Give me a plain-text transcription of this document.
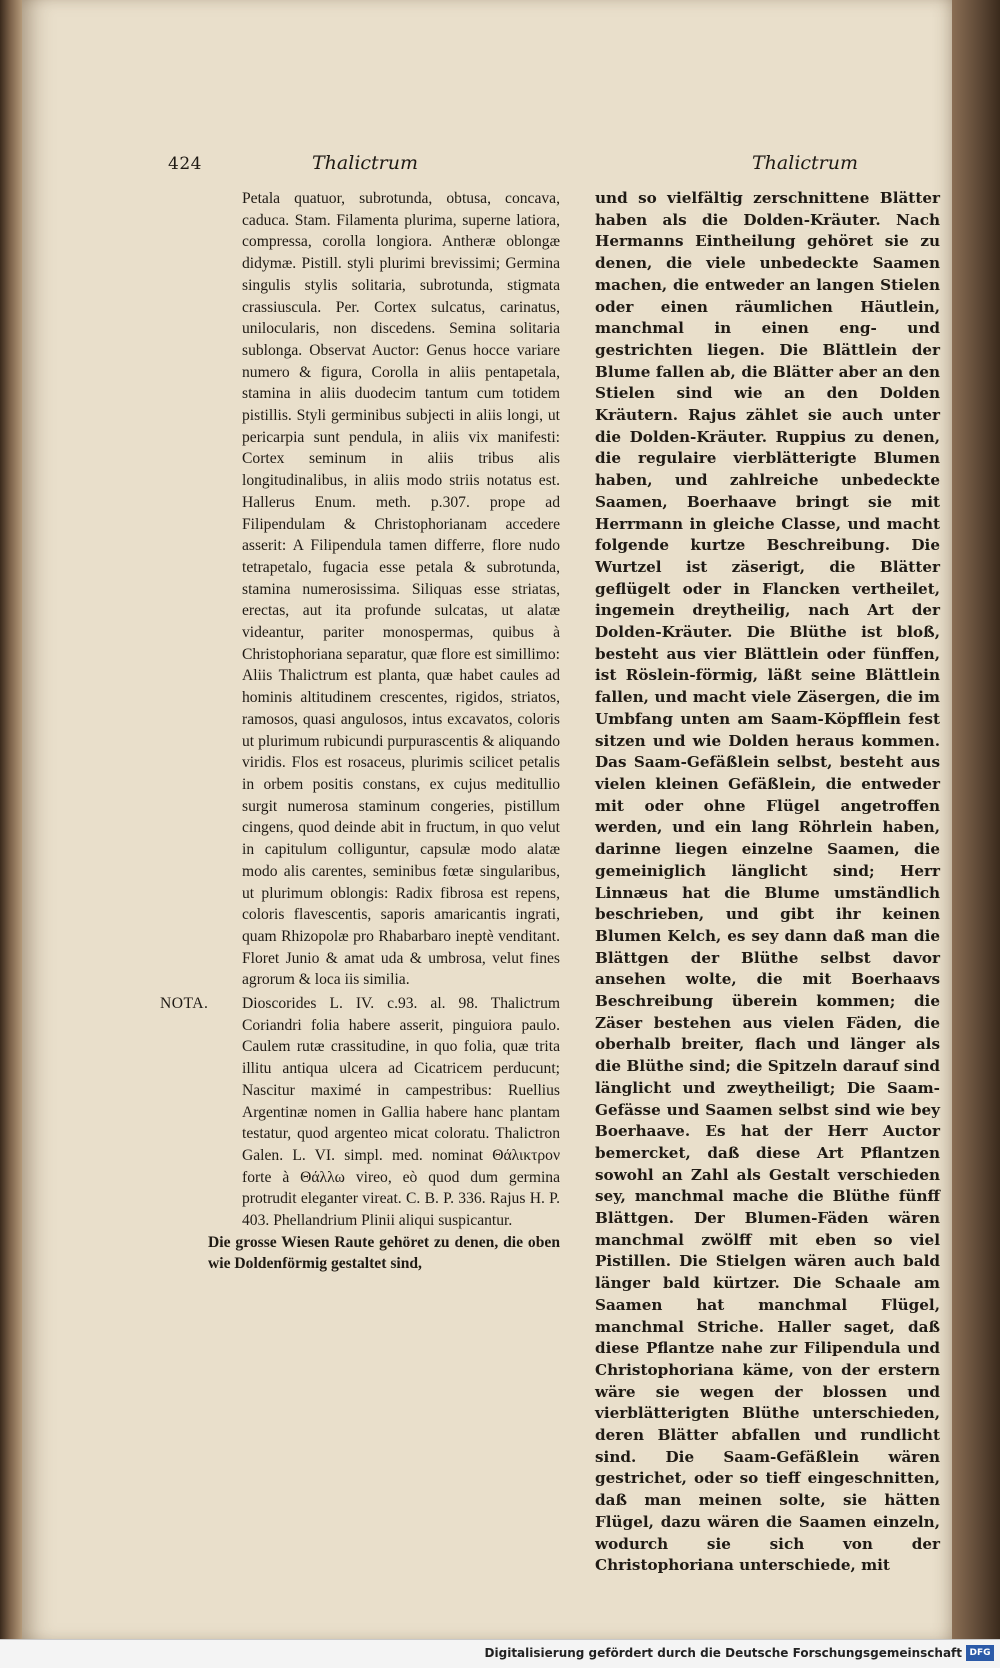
424	Thalictrum	Thalictrum

Petala quatuor, subrotunda, obtusa, concava, caduca. Stam. Filamenta plurima, superne latiora, compressa, corolla longiora. Antheræ oblongæ didymæ. Pistill. styli plurimi brevissimi; Germina singulis stylis solitaria, subrotunda, stigmata crassiuscula. Per. Cortex sulcatus, carinatus, unilocularis, non discedens. Semina solitaria sublonga. Observat Auctor: Genus hocce variare numero & figura, Corolla in aliis pentapetala, stamina in aliis duodecim tantum cum totidem pistillis. Styli germinibus subjecti in aliis longi, ut pericarpia sunt pendula, in aliis vix manifesti: Cortex seminum in aliis tribus alis longitudinalibus, in aliis modo striis notatus est. Hallerus Enum. meth. p.307. prope ad Filipendulam & Christophorianam accedere asserit: A Filipendula tamen differre, flore nudo tetrapetalo, fugacia esse petala & subrotunda, stamina numerosissima. Siliquas esse striatas, erectas, aut ita profunde sulcatas, ut alatæ videantur, pariter monospermas, quibus à Christophoriana separatur, quæ flore est simillimo: Aliis Thalictrum est planta, quæ habet caules ad hominis altitudinem crescentes, rigidos, striatos, ramosos, quasi angulosos, intus excavatos, coloris ut plurimum rubicundi purpurascentis & aliquando viridis. Flos est rosaceus, plurimis scilicet petalis in orbem positis constans, ex cujus meditullio surgit numerosa staminum congeries, pistillum cingens, quod deinde abit in fructum, in quo velut in capitulum colliguntur, capsulæ modo alatæ modo alis carentes, seminibus fœtæ singularibus, ut plurimum oblongis: Radix fibrosa est repens, coloris flavescentis, saporis amaricantis ingrati, quam Rhizopolæ pro Rhabarbaro ineptè venditant. Floret Junio & amat uda & umbrosa, velut fines agrorum & loca iis similia.

NOTA.	Dioscorides L. IV. c.93. al. 98. Thalictrum Coriandri folia habere asserit, pinguiora paulo. Caulem rutæ crassitudine, in quo folia, quæ trita illitu antiqua ulcera ad Cicatricem perducunt; Nascitur maximé in campestribus: Ruellius Argentinæ nomen in Gallia habere hanc plantam testatur, quod argenteo micat coloratu. Thalictron Galen. L. VI. simpl. med. nominat Θάλικτρον forte à Θάλλω vireo, eò quod dum germina protrudit eleganter vireat. C. B. P. 336. Rajus H. P. 403. Phellandrium Plinii aliqui suspicantur.

Die grosse Wiesen Raute gehöret zu denen, die oben wie Doldenförmig gestaltet sind,

und so vielfältig zerschnittene Blätter haben als die Dolden-Kräuter. Nach Hermanns Eintheilung gehöret sie zu denen, die viele unbedeckte Saamen machen, die entweder an langen Stielen oder einen räumlichen Häutlein, manchmal in einen eng- und gestrichten liegen. Die Blättlein der Blume fallen ab, die Blätter aber an den Stielen sind wie an den Dolden Kräutern. Rajus zählet sie auch unter die Dolden-Kräuter. Ruppius zu denen, die regulaire vierblätterigte Blumen haben, und zahlreiche unbedeckte Saamen, Boerhaave bringt sie mit Herrmann in gleiche Classe, und macht folgende kurtze Beschreibung. Die Wurtzel ist zäserigt, die Blätter geflügelt oder in Flancken vertheilet, ingemein dreytheilig, nach Art der Dolden-Kräuter. Die Blüthe ist bloß, besteht aus vier Blättlein oder fünffen, ist Röslein-förmig, läßt seine Blättlein fallen, und macht viele Zäsergen, die im Umbfang unten am Saam-Köpfflein fest sitzen und wie Dolden heraus kommen. Das Saam-Gefäßlein selbst, besteht aus vielen kleinen Gefäßlein, die entweder mit oder ohne Flügel angetroffen werden, und ein lang Röhrlein haben, darinne liegen einzelne Saamen, die gemeiniglich länglicht sind; Herr Linnæus hat die Blume umständlich beschrieben, und gibt ihr keinen Blumen Kelch, es sey dann daß man die Blättgen der Blüthe selbst davor ansehen wolte, die mit Boerhaavs Beschreibung überein kommen; die Zäser bestehen aus vielen Fäden, die oberhalb breiter, flach und länger als die Blüthe sind; die Spitzeln darauf sind länglicht und zweytheiligt; Die Saam-Gefässe und Saamen selbst sind wie bey Boerhaave. Es hat der Herr Auctor bemercket, daß diese Art Pflantzen sowohl an Zahl als Gestalt verschieden sey, manchmal mache die Blüthe fünff Blättgen. Der Blumen-Fäden wären manchmal zwölff mit eben so viel Pistillen. Die Stielgen wären auch bald länger bald kürtzer. Die Schaale am Saamen hat manchmal Flügel, manchmal Striche. Haller saget, daß diese Pflantze nahe zur Filipendula und Christophoriana käme, von der erstern wäre sie wegen der blossen und vierblätterigten Blüthe unterschieden, deren Blätter abfallen und rundlicht sind. Die Saam-Gefäßlein wären gestrichet, oder so tieff eingeschnitten, daß man meinen solte, sie hätten Flügel, dazu wären die Saamen einzeln, wodurch sie sich von der Christophoriana unterschiede, mit

Digitalisierung gefördert durch die Deutsche Forschungsgemeinschaft DFG
